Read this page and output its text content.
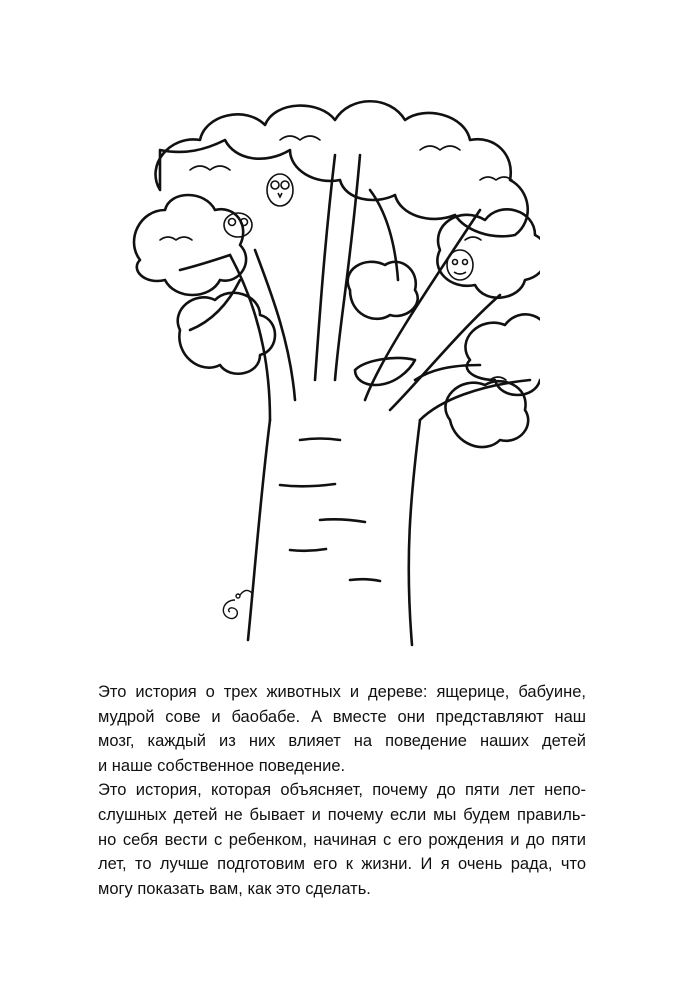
Это история о трех животных и дереве: ящерице, бабуине,
мудрой сове и баобабе. А вместе они представляют наш
мозг, каждый из них влияет на поведение наших детей
и наше собственное поведение.

Это история, которая объясняет, почему до пяти лет непо-
слушных детей не бывает и почему если мы будем правиль-
но себя вести с ребенком, начиная с его рождения и до пяти
лет, то лучше подготовим его к жизни. И я очень рада, что
могу показать вам, как это сделать.
